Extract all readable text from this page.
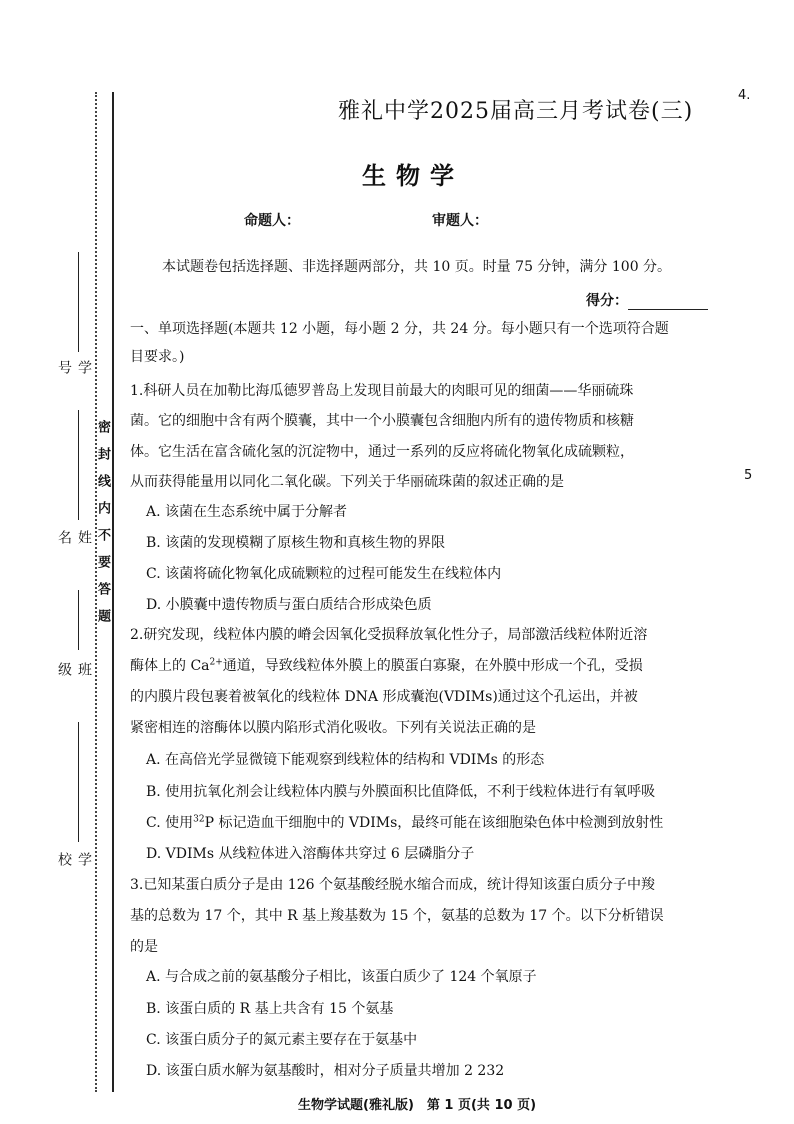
4.
5
学号
姓名
班级
学校
密封线内不要答题
雅礼中学2025届高三月考试卷(三)
生物学
命题人：	审题人：
本试题卷包括选择题、非选择题两部分，共 10 页。时量 75 分钟，满分 100 分。
得分：
一、单项选择题(本题共 12 小题，每小题 2 分，共 24 分。每小题只有一个选项符合题
目要求。)
1.科研人员在加勒比海瓜德罗普岛上发现目前最大的肉眼可见的细菌——华丽硫珠
菌。它的细胞中含有两个膜囊，其中一个小膜囊包含细胞内所有的遗传物质和核糖
体。它生活在富含硫化氢的沉淀物中，通过一系列的反应将硫化物氧化成硫颗粒，
从而获得能量用以同化二氧化碳。下列关于华丽硫珠菌的叙述正确的是
A. 该菌在生态系统中属于分解者
B. 该菌的发现模糊了原核生物和真核生物的界限
C. 该菌将硫化物氧化成硫颗粒的过程可能发生在线粒体内
D. 小膜囊中遗传物质与蛋白质结合形成染色质
2.研究发现，线粒体内膜的嵴会因氧化受损释放氧化性分子，局部激活线粒体附近溶
酶体上的 $Ca^{2+}$通道，导致线粒体外膜上的膜蛋白寡聚，在外膜中形成一个孔，受损
的内膜片段包裹着被氧化的线粒体 DNA 形成囊泡(VDIMs)通过这个孔运出，并被
紧密相连的溶酶体以膜内陷形式消化吸收。下列有关说法正确的是
A. 在高倍光学显微镜下能观察到线粒体的结构和 VDIMs 的形态
B. 使用抗氧化剂会让线粒体内膜与外膜面积比值降低，不利于线粒体进行有氧呼吸
C. 使用$^{32}$P 标记造血干细胞中的 VDIMs，最终可能在该细胞染色体中检测到放射性
D. VDIMs 从线粒体进入溶酶体共穿过 6 层磷脂分子
3.已知某蛋白质分子是由 126 个氨基酸经脱水缩合而成，统计得知该蛋白质分子中羧
基的总数为 17 个，其中 R 基上羧基数为 15 个，氨基的总数为 17 个。以下分析错误
的是
A. 与合成之前的氨基酸分子相比，该蛋白质少了 124 个氧原子
B. 该蛋白质的 R 基上共含有 15 个氨基
C. 该蛋白质分子的氮元素主要存在于氨基中
D. 该蛋白质水解为氨基酸时，相对分子质量共增加 2 232
生物学试题(雅礼版)　第 1 页(共 10 页)
